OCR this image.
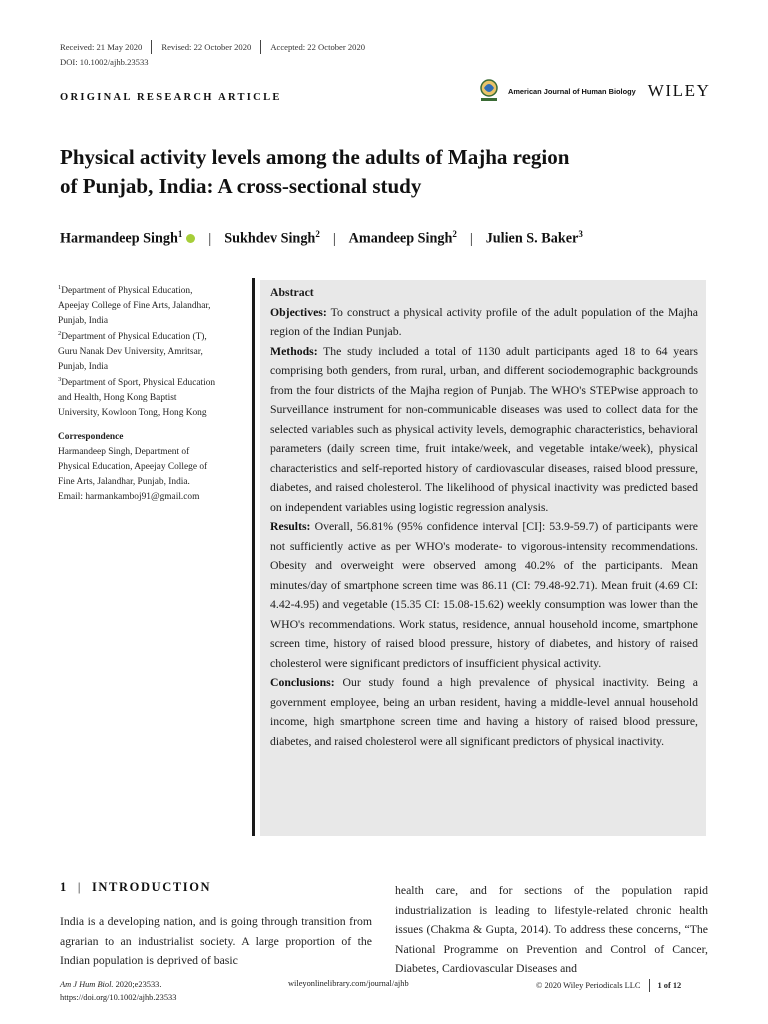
Received: 21 May 2020 Revised: 22 October 2020 Accepted: 22 October 2020
DOI: 10.1002/ajhb.23533
ORIGINAL RESEARCH ARTICLE
American Journal of Human Biology WILEY
Physical activity levels among the adults of Majha region
of Punjab, India: A cross-sectional study
Harmandeep Singh$^1$ | Sukhdev Singh$^2$ | Amandeep Singh$^2$ | Julien S. Baker$^3$
$^1$Department of Physical Education,
Apeejay College of Fine Arts, Jalandhar,
Punjab, India
$^2$Department of Physical Education (T),
Guru Nanak Dev University, Amritsar,
Punjab, India
$^3$Department of Sport, Physical Education
and Health, Hong Kong Baptist
University, Kowloon Tong, Hong Kong
Correspondence
Harmandeep Singh, Department of
Physical Education, Apeejay College of
Fine Arts, Jalandhar, Punjab, India.
Email: harmankamboj91@gmail.com
Abstract
Objectives: To construct a physical activity profile of the adult population of the Majha region of the Indian Punjab.
Methods: The study included a total of 1130 adult participants aged 18 to 64 years comprising both genders, from rural, urban, and different sociodemographic backgrounds from the four districts of the Majha region of Punjab. The WHO's STEPwise approach to Surveillance instrument for non-communicable diseases was used to collect data for the selected variables such as physical activity levels, demographic characteristics, behavioral parameters (daily screen time, fruit intake/week, and vegetable intake/week), physical characteristics and self-reported history of cardiovascular diseases, raised blood pressure, diabetes, and raised cholesterol. The likelihood of physical inactivity was predicted based on independent variables using logistic regression analysis.
Results: Overall, 56.81% (95% confidence interval [CI]: 53.9-59.7) of participants were not sufficiently active as per WHO's moderate- to vigorous-intensity recommendations. Obesity and overweight were observed among 40.2% of the participants. Mean minutes/day of smartphone screen time was 86.11 (CI: 79.48-92.71). Mean fruit (4.69 CI: 4.42-4.95) and vegetable (15.35 CI: 15.08-15.62) weekly consumption was lower than the WHO's recommendations. Work status, residence, annual household income, smartphone screen time, history of raised blood pressure, history of diabetes, and history of raised cholesterol were significant predictors of insufficient physical activity.
Conclusions: Our study found a high prevalence of physical inactivity. Being a government employee, being an urban resident, having a middle-level annual household income, high smartphone screen time and having a history of raised blood pressure, diabetes, and raised cholesterol were all significant predictors of physical inactivity.
1 | INTRODUCTION
India is a developing nation, and is going through transition from agrarian to an industrialist society. A large proportion of the Indian population is deprived of basic
health care, and for sections of the population rapid industrialization is leading to lifestyle-related chronic health issues (Chakma & Gupta, 2014). To address these concerns, “The National Programme on Prevention and Control of Cancer, Diabetes, Cardiovascular Diseases and
Am J Hum Biol. 2020;e23533.
https://doi.org/10.1002/ajhb.23533
wileyonlinelibrary.com/journal/ajhb	© 2020 Wiley Periodicals LLC 1 of 12
